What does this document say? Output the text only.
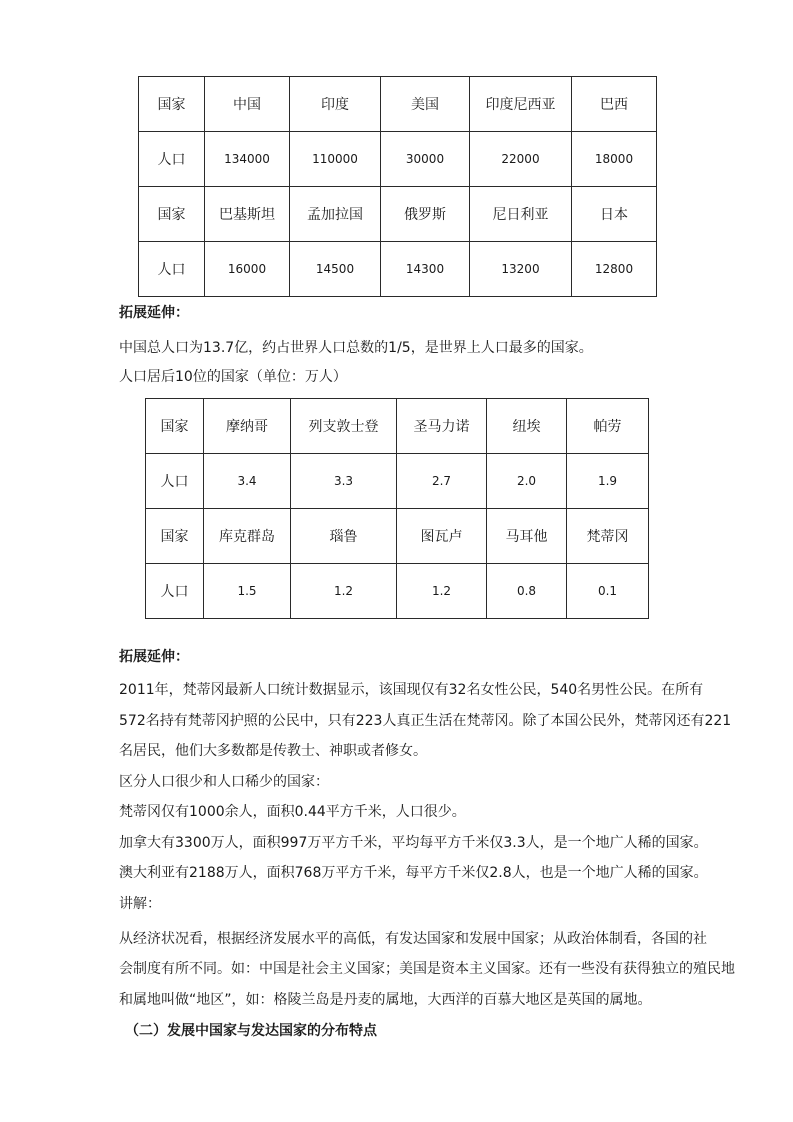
国家	中国	印度	美国	印度尼西亚	巴西
人口	134000	110000	30000	22000	18000
国家	巴基斯坦	孟加拉国	俄罗斯	尼日利亚	日本
人口	16000	14500	14300	13200	12800
拓展延伸：
中国总人口为13.7亿，约占世界人口总数的1/5，是世界上人口最多的国家。
人口居后10位的国家（单位：万人）
国家	摩纳哥	列支敦士登	圣马力诺	纽埃	帕劳
人口	3.4	3.3	2.7	2.0	1.9
国家	库克群岛	瑙鲁	图瓦卢	马耳他	梵蒂冈
人口	1.5	1.2	1.2	0.8	0.1
拓展延伸：
2011年，梵蒂冈最新人口统计数据显示，该国现仅有32名女性公民，540名男性公民。在所有
572名持有梵蒂冈护照的公民中，只有223人真正生活在梵蒂冈。除了本国公民外，梵蒂冈还有221
名居民，他们大多数都是传教士、神职或者修女。
区分人口很少和人口稀少的国家：
梵蒂冈仅有1000余人，面积0.44平方千米，人口很少。
加拿大有3300万人，面积997万平方千米，平均每平方千米仅3.3人，是一个地广人稀的国家。
澳大利亚有2188万人，面积768万平方千米，每平方千米仅2.8人，也是一个地广人稀的国家。
讲解：
从经济状况看，根据经济发展水平的高低，有发达国家和发展中国家；从政治体制看，各国的社
会制度有所不同。如：中国是社会主义国家；美国是资本主义国家。还有一些没有获得独立的殖民地
和属地叫做“地区”，如：格陵兰岛是丹麦的属地，大西洋的百慕大地区是英国的属地。
（二）发展中国家与发达国家的分布特点
